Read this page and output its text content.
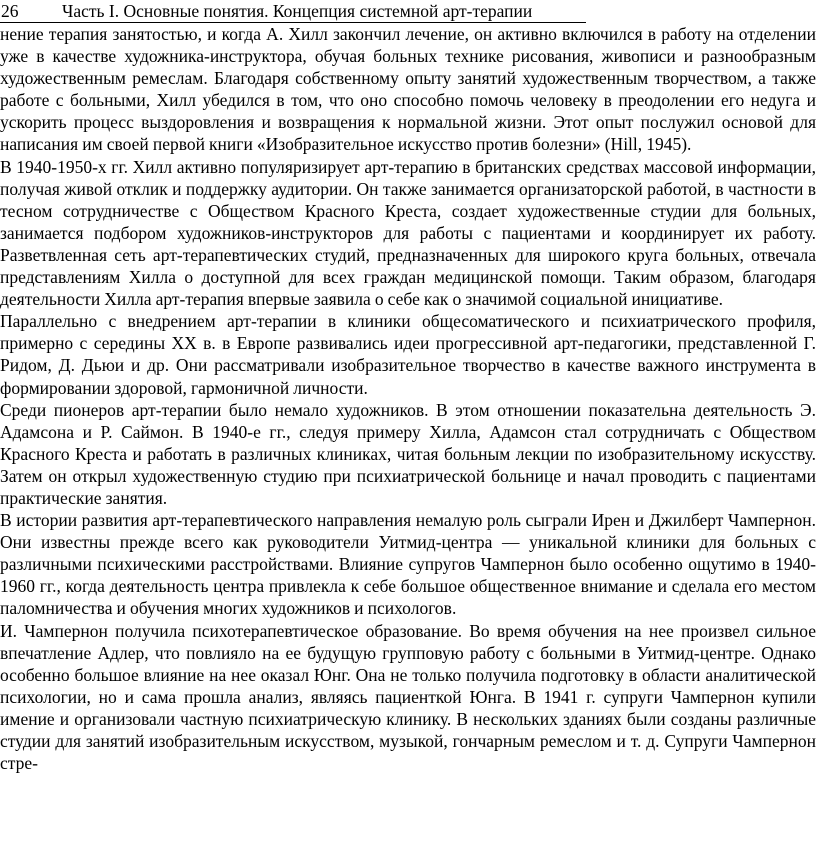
26 Часть I. Основные понятия. Концепция системной арт-терапии

нение терапия занятостью, и когда А. Хилл закончил лечение, он активно включился в работу на отделении уже в качестве художника-инструктора, обучая больных технике рисования, живописи и разнообразным художественным ремеслам. Благодаря собственному опыту занятий художественным творчеством, а также работе с больными, Хилл убедился в том, что оно способно помочь человеку в преодолении его недуга и ускорить процесс выздоровления и возвращения к нормальной жизни. Этот опыт послужил основой для написания им своей первой книги «Изобразительное искусство против болезни» (Hill, 1945).

В 1940-1950-х гг. Хилл активно популяризирует арт-терапию в британских средствах массовой информации, получая живой отклик и поддержку аудитории. Он также занимается организаторской работой, в частности в тесном сотрудничестве с Обществом Красного Креста, создает художественные студии для больных, занимается подбором художников-инструкторов для работы с пациентами и координирует их работу. Разветвленная сеть арт-терапевтических студий, предназначенных для широкого круга больных, отвечала представлениям Хилла о доступной для всех граждан медицинской помощи. Таким образом, благодаря деятельности Хилла арт-терапия впервые заявила о себе как о значимой социальной инициативе.

Параллельно с внедрением арт-терапии в клиники общесоматического и психиатрического профиля, примерно с середины XX в. в Европе развивались идеи прогрессивной арт-педагогики, представленной Г. Ридом, Д. Дьюи и др. Они рассматривали изобразительное творчество в качестве важного инструмента в формировании здоровой, гармоничной личности.

Среди пионеров арт-терапии было немало художников. В этом отношении показательна деятельность Э. Адамсона и Р. Саймон. В 1940-е гг., следуя примеру Хилла, Адамсон стал сотрудничать с Обществом Красного Креста и работать в различных клиниках, читая больным лекции по изобразительному искусству. Затем он открыл художественную студию при психиатрической больнице и начал проводить с пациентами практические занятия.

В истории развития арт-терапевтического направления немалую роль сыграли Ирен и Джилберт Чампернон. Они известны прежде всего как руководители Уитмид-центра — уникальной клиники для больных с различными психическими расстройствами. Влияние супругов Чампернон было особенно ощутимо в 1940-1960 гг., когда деятельность центра привлекла к себе большое общественное внимание и сделала его местом паломничества и обучения многих художников и психологов.

И. Чампернон получила психотерапевтическое образование. Во время обучения на нее произвел сильное впечатление Адлер, что повлияло на ее будущую групповую работу с больными в Уитмид-центре. Однако особенно большое влияние на нее оказал Юнг. Она не только получила подготовку в области аналитической психологии, но и сама прошла анализ, являясь пациенткой Юнга. В 1941 г. супруги Чампернон купили имение и организовали частную психиатрическую клинику. В нескольких зданиях были созданы различные студии для занятий изобразительным искусством, музыкой, гончарным ремеслом и т. д. Супруги Чампернон стре-
